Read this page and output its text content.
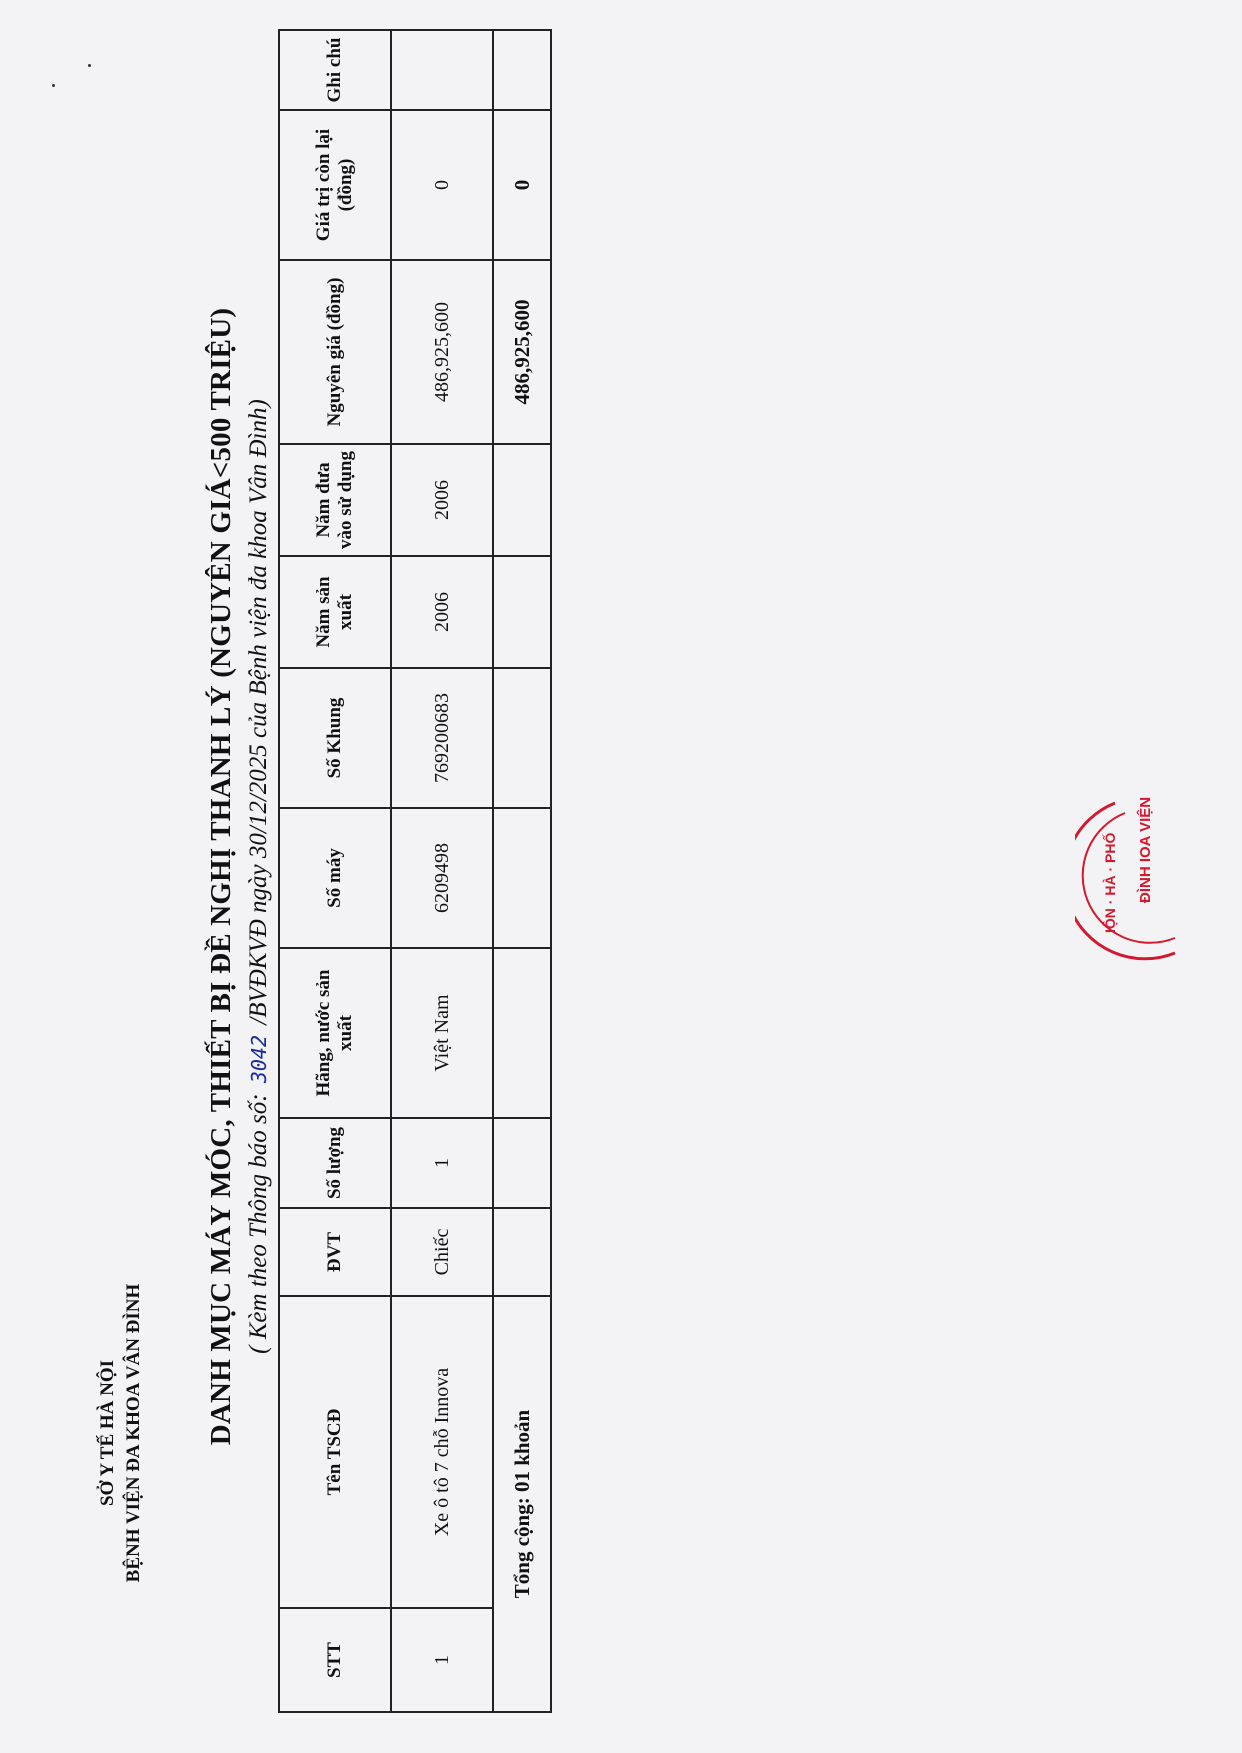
SỞ Y TẾ HÀ NỘI BỆNH VIỆN ĐA KHOA VÂN ĐÌNH DANH MỤC MÁY MÓC, THIẾT BỊ ĐỀ NGHỊ THANH LÝ (NGUYÊN GIÁ<500 TRIỆU) ( Kèm theo Thông báo số: 3042 /BVĐKVĐ ngày 30/12/2025 của Bệnh viện đa khoa Vân Đình)
STT	Tên TSCĐ	ĐVT	Số lượng	Hãng, nước sản xuất	Số máy	Số Khung	Năm sản xuất	Năm đưa vào sử dụng	Nguyên giá (đồng)	Giá trị còn lại (đồng)	Ghi chú
1	Xe ô tô 7 chỗ Innova	Chiếc	1	Việt Nam	6209498	769200683	2006	2006	486,925,600	0	
Tổng cộng: 01 khoản									486,925,600	0	
IỘN · HÀ · PHỐ ĐÌNH IOA VIỆN
